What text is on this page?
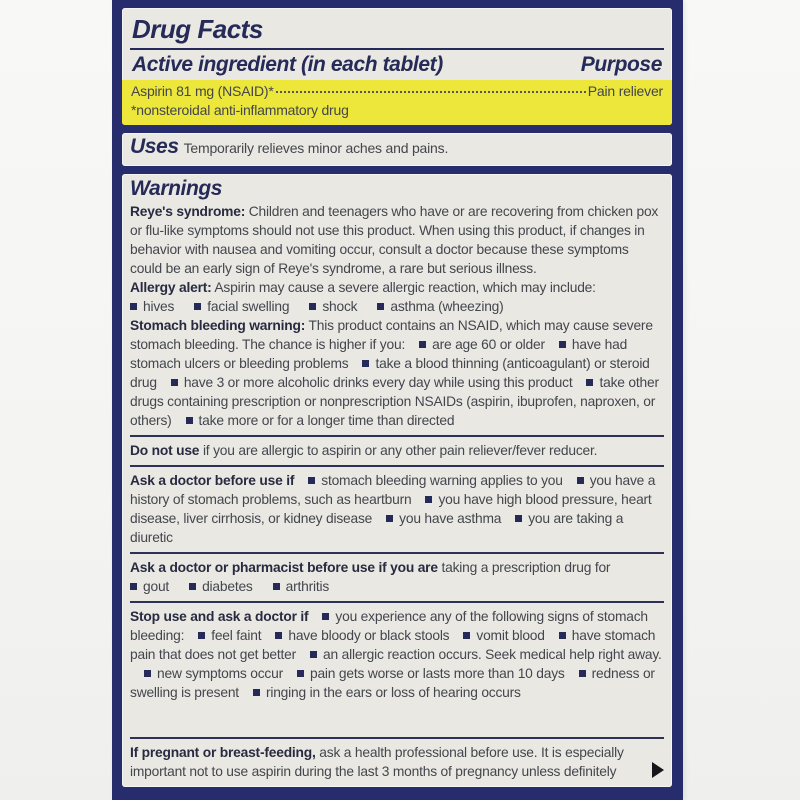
Drug Facts
Active ingredient (in each tablet)	Purpose
Aspirin 81 mg (NSAID)*	Pain reliever
*nonsteroidal anti-inflammatory drug
Uses Temporarily relieves minor aches and pains.
Warnings

Reye's syndrome: Children and teenagers who have or are recovering from chicken pox or flu-like symptoms should not use this product. When using this product, if changes in behavior with nausea and vomiting occur, consult a doctor because these symptoms could be an early sign of Reye's syndrome, a rare but serious illness.

Allergy alert: Aspirin may cause a severe allergic reaction, which may include:

hives facial swelling shock asthma (wheezing)

Stomach bleeding warning: This product contains an NSAID, which may cause severe stomach bleeding. The chance is higher if you: are age 60 or older have had stomach ulcers or bleeding problems take a blood thinning (anticoagulant) or steroid drug have 3 or more alcoholic drinks every day while using this product take other drugs containing prescription or nonprescription NSAIDs (aspirin, ibuprofen, naproxen, or others) take more or for a longer time than directed

Do not use if you are allergic to aspirin or any other pain reliever/fever reducer.

Ask a doctor before use if stomach bleeding warning applies to you you have a history of stomach problems, such as heartburn you have high blood pressure, heart disease, liver cirrhosis, or kidney disease you have asthma you are taking a diuretic

Ask a doctor or pharmacist before use if you are taking a prescription drug for

gout diabetes arthritis

Stop use and ask a doctor if you experience any of the following signs of stomach bleeding: feel faint have bloody or black stools vomit blood have stomach pain that does not get better an allergic reaction occurs. Seek medical help right away.new symptoms occur pain gets worse or lasts more than 10 days redness or swelling is present ringing in the ears or loss of hearing occurs

If pregnant or breast-feeding, ask a health professional before use. It is especially important not to use aspirin during the last 3 months of pregnancy unless definitely
